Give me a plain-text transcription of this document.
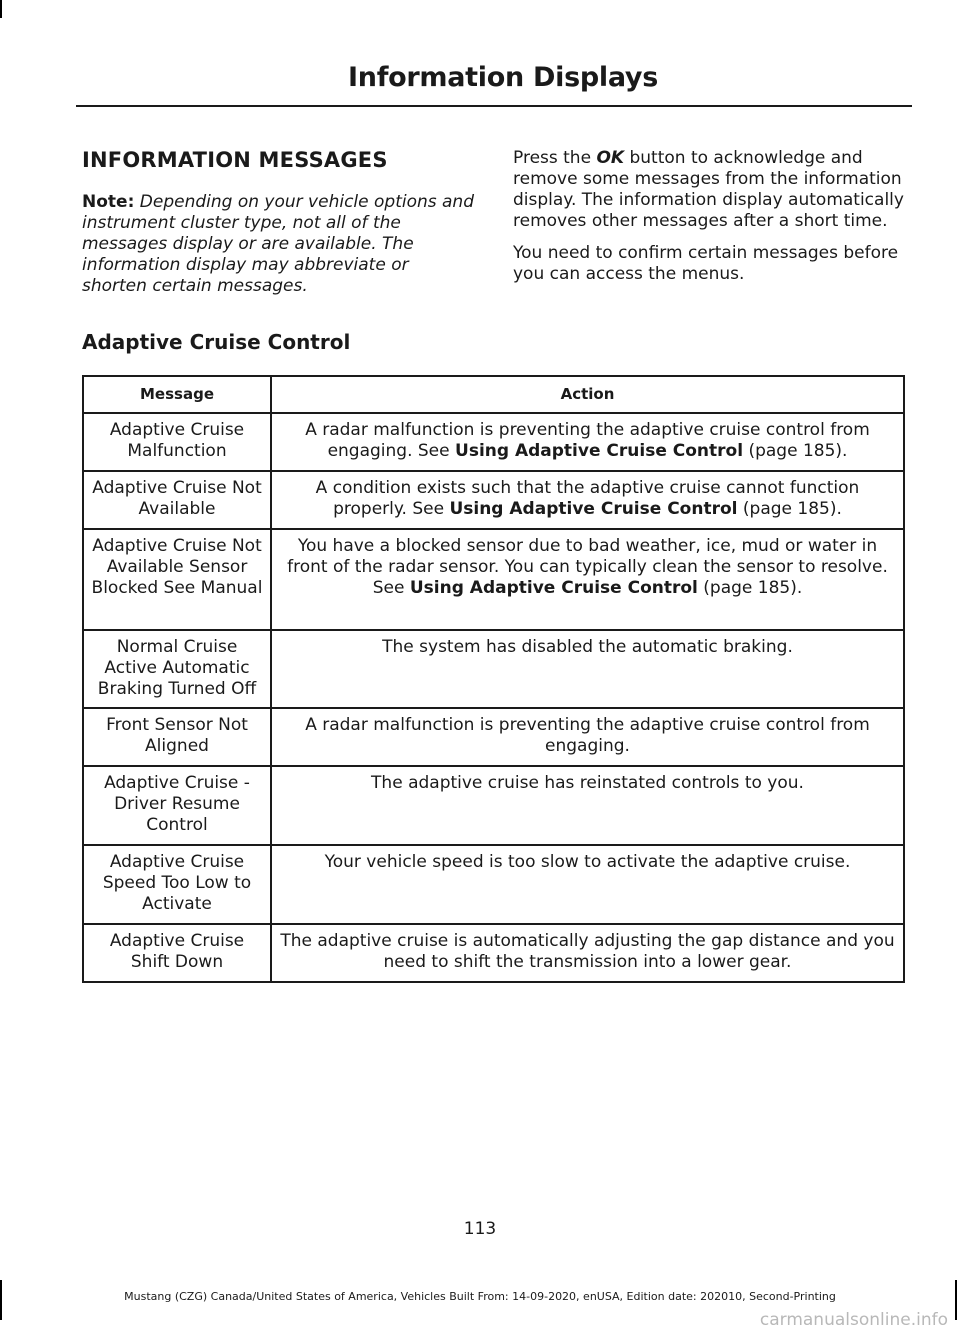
Information Displays
INFORMATION MESSAGES

Note: Depending on your vehicle options and instrument cluster type, not all of the messages display or are available. The information display may abbreviate or shorten certain messages.

Press the OK button to acknowledge and remove some messages from the information display. The information display automatically removes other messages after a short time.

You need to confirm certain messages before you can access the menus.

Adaptive Cruise Control
Message	Action
Adaptive Cruise Malfunction	A radar malfunction is preventing the adaptive cruise control from engaging. See Using Adaptive Cruise Control (page 185).
Adaptive Cruise Not Available	A condition exists such that the adaptive cruise cannot function properly. See Using Adaptive Cruise Control (page 185).
Adaptive Cruise Not Available Sensor Blocked See Manual	You have a blocked sensor due to bad weather, ice, mud or water in front of the radar sensor. You can typically clean the sensor to resolve. See Using Adaptive Cruise Control (page 185).
Normal Cruise Active Automatic Braking Turned Off	The system has disabled the automatic braking.
Front Sensor Not Aligned	A radar malfunction is preventing the adaptive cruise control from engaging.
Adaptive Cruise - Driver Resume Control	The adaptive cruise has reinstated controls to you.
Adaptive Cruise Speed Too Low to Activate	Your vehicle speed is too slow to activate the adaptive cruise.
Adaptive Cruise Shift Down	The adaptive cruise is automatically adjusting the gap distance and you need to shift the transmission into a lower gear.
113
Mustang (CZG) Canada/United States of America, Vehicles Built From: 14-09-2020, enUSA, Edition date: 202010, Second-Printing
carmanualsonline.info
